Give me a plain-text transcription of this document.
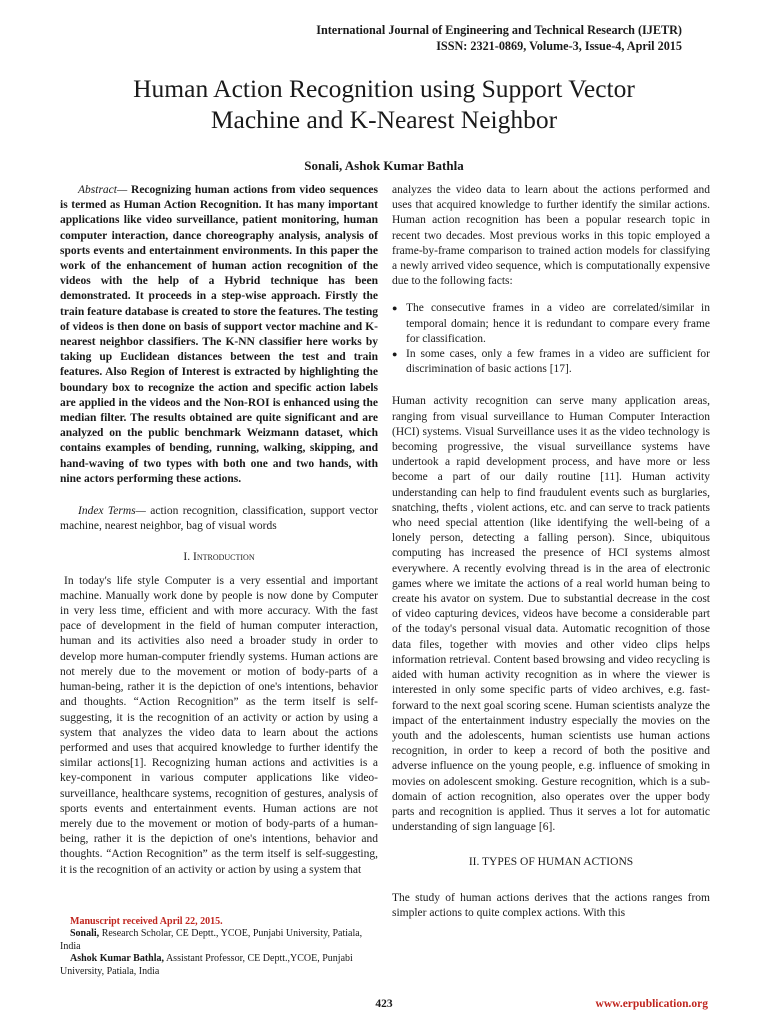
International Journal of Engineering and Technical Research (IJETR)
ISSN: 2321-0869, Volume-3, Issue-4, April 2015
Human Action Recognition using Support Vector
Machine and K-Nearest Neighbor
Sonali, Ashok Kumar Bathla

Abstract— Recognizing human actions from video sequences is termed as Human Action Recognition. It has many important applications like video surveillance, patient monitoring, human computer interaction, dance choreography analysis, analysis of sports events and entertainment environments. In this paper the work of the enhancement of human action recognition of the videos with the help of a Hybrid technique has been demonstrated. It proceeds in a step-wise approach. Firstly the train feature database is created to store the features. The testing of videos is then done on basis of support vector machine and K-nearest neighbor classifiers. The K-NN classifier here works by taking up Euclidean distances between the test and train features. Also Region of Interest is extracted by highlighting the boundary box to recognize the action and specific action labels are applied in the videos and the Non-ROI is enhanced using the median filter. The results obtained are quite significant and are analyzed on the public benchmark Weizmann dataset, which contains examples of bending, running, walking, skipping, and hand-waving of two types with both one and two hands, with nine actors performing these actions.

Index Terms— action recognition, classification, support vector machine, nearest neighbor, bag of visual words

I. Introduction

In today's life style Computer is a very essential and important machine. Manually work done by people is now done by Computer in very less time, efficient and with more accuracy. With the fast pace of development in the field of human computer interaction, human and its activities also need a broader study in order to develop more human-computer friendly systems. Human actions are not merely due to the movement or motion of body-parts of a human-being, rather it is the depiction of one's intentions, behavior and thoughts. “Action Recognition” as the term itself is self-suggesting, it is the recognition of an activity or action by using a system that analyzes the video data to learn about the actions performed and uses that acquired knowledge to further identify the similar actions[1]. Recognizing human actions and activities is a key-component in various computer applications like video-surveillance, healthcare systems, recognition of gestures, analysis of sports events and entertainment events. Human actions are not merely due to the movement or motion of body-parts of a human-being, rather it is the depiction of one's intentions, behavior and thoughts. “Action Recognition” as the term itself is self-suggesting, it is the recognition of an activity or action by using a system that

Manuscript received April 22, 2015.

Sonali, Research Scholar, CE Deptt., YCOE, Punjabi University, Patiala, India

Ashok Kumar Bathla, Assistant Professor, CE Deptt.,YCOE, Punjabi University, Patiala, India

analyzes the video data to learn about the actions performed and uses that acquired knowledge to further identify the similar actions. Human action recognition has been a popular research topic in recent two decades. Most previous works in this topic employed a frame-by-frame comparison to trained action models for classifying a newly arrived video sequence, which is computationally expensive due to the following facts:

● The consecutive frames in a video are correlated/similar in temporal domain; hence it is redundant to compare every frame for classification.

● In some cases, only a few frames in a video are sufficient for discrimination of basic actions [17].

Human activity recognition can serve many application areas, ranging from visual surveillance to Human Computer Interaction (HCI) systems. Visual Surveillance uses it as the video technology is becoming progressive, the visual surveillance systems have undertook a rapid development process, and have more or less become a part of our daily routine [11]. Human activity understanding can help to find fraudulent events such as burglaries, snatching, thefts , violent actions, etc. and can serve to track patients who need special attention (like identifying the well-being of a lonely person, detecting a falling person). Since, ubiquitous computing has increased the presence of HCI systems almost everywhere. A recently evolving thread is in the area of electronic games where we imitate the actions of a real world human being to create his avator on system. Due to substantial decrease in the cost of video capturing devices, videos have become a considerable part of the today's personal visual data. Automatic recognition of those data files, together with movies and other video clips helps information retrieval. Content based browsing and video recycling is aided with human activity recognition as in where the viewer is interested in only some specific parts of video archives, e.g. fast-forward to the next goal scoring scene. Human scientists analyze the impact of the entertainment industry especially the movies on the youth and the adolescents, human scientists use human actions recognition, in order to keep a record of both the positive and adverse influence on the young people, e.g. influence of smoking in movies on adolescent smoking. Gesture recognition, which is a sub-domain of action recognition, also operates over the upper body parts and recognition is applied. Thus it serves a lot for automatic understanding of sign language [6].

II. TYPES OF HUMAN ACTIONS

The study of human actions derives that the actions ranges from simpler actions to quite complex actions. With this

423	www.erpublication.org
